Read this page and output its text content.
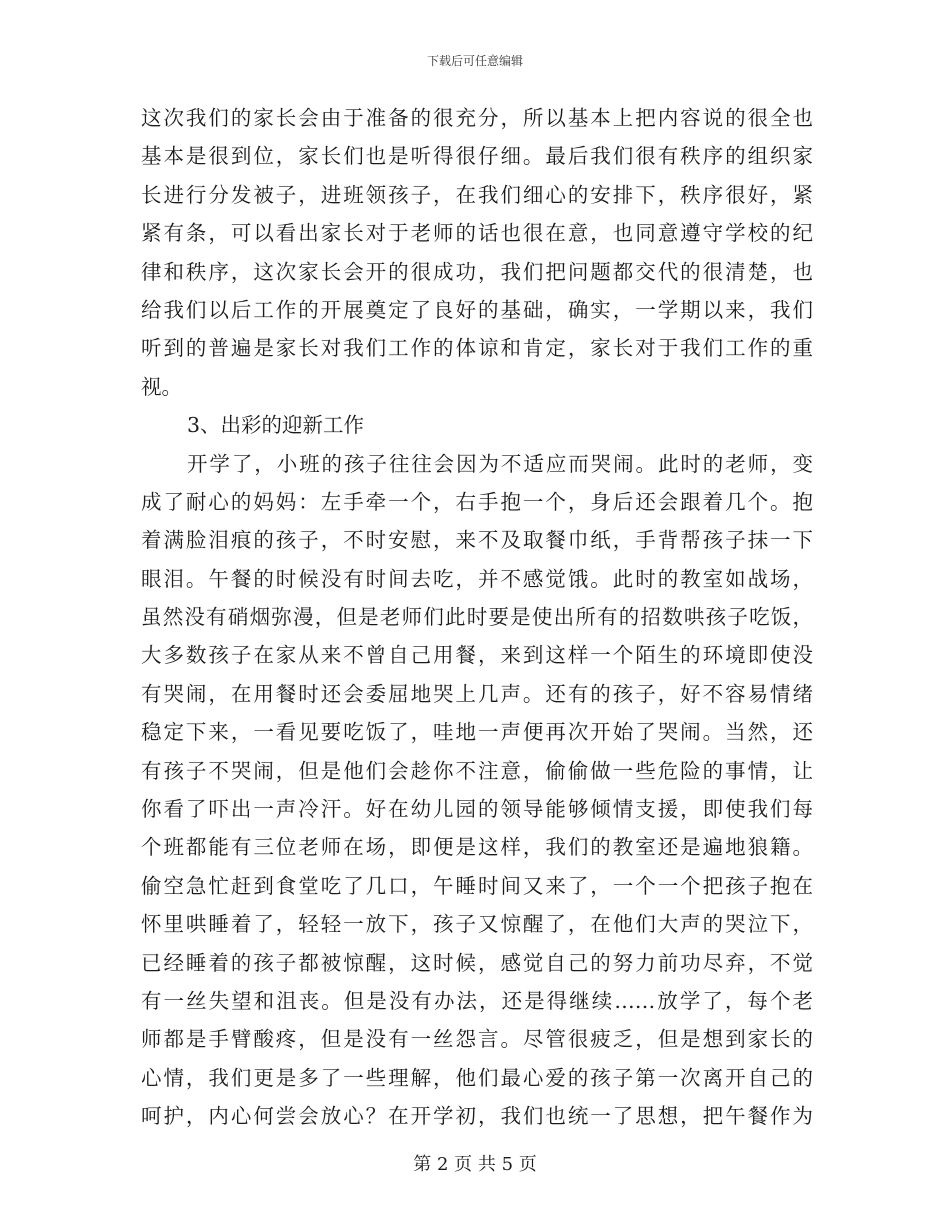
下载后可任意编辑
这次我们的家长会由于准备的很充分，所以基本上把内容说的很全也
基本是很到位，家长们也是听得很仔细。最后我们很有秩序的组织家
长进行分发被子，进班领孩子，在我们细心的安排下，秩序很好，紧
紧有条，可以看出家长对于老师的话也很在意，也同意遵守学校的纪
律和秩序，这次家长会开的很成功，我们把问题都交代的很清楚，也
给我们以后工作的开展奠定了良好的基础，确实，一学期以来，我们
听到的普遍是家长对我们工作的体谅和肯定，家长对于我们工作的重
视。
3、出彩的迎新工作
开学了，小班的孩子往往会因为不适应而哭闹。此时的老师，变
成了耐心的妈妈：左手牵一个，右手抱一个，身后还会跟着几个。抱
着满脸泪痕的孩子，不时安慰，来不及取餐巾纸，手背帮孩子抹一下
眼泪。午餐的时候没有时间去吃，并不感觉饿。此时的教室如战场，
虽然没有硝烟弥漫，但是老师们此时要是使出所有的招数哄孩子吃饭，
大多数孩子在家从来不曾自己用餐，来到这样一个陌生的环境即使没
有哭闹，在用餐时还会委屈地哭上几声。还有的孩子，好不容易情绪
稳定下来，一看见要吃饭了，哇地一声便再次开始了哭闹。当然，还
有孩子不哭闹，但是他们会趁你不注意，偷偷做一些危险的事情，让
你看了吓出一声冷汗。好在幼儿园的领导能够倾情支援，即使我们每
个班都能有三位老师在场，即便是这样，我们的教室还是遍地狼籍。
偷空急忙赶到食堂吃了几口，午睡时间又来了，一个一个把孩子抱在
怀里哄睡着了，轻轻一放下，孩子又惊醒了，在他们大声的哭泣下，
已经睡着的孩子都被惊醒，这时候，感觉自己的努力前功尽弃，不觉
有一丝失望和沮丧。但是没有办法，还是得继续……放学了，每个老
师都是手臂酸疼，但是没有一丝怨言。尽管很疲乏，但是想到家长的
心情，我们更是多了一些理解，他们最心爱的孩子第一次离开自己的
呵护，内心何尝会放心？在开学初，我们也统一了思想，把午餐作为
第 2 页 共 5 页
